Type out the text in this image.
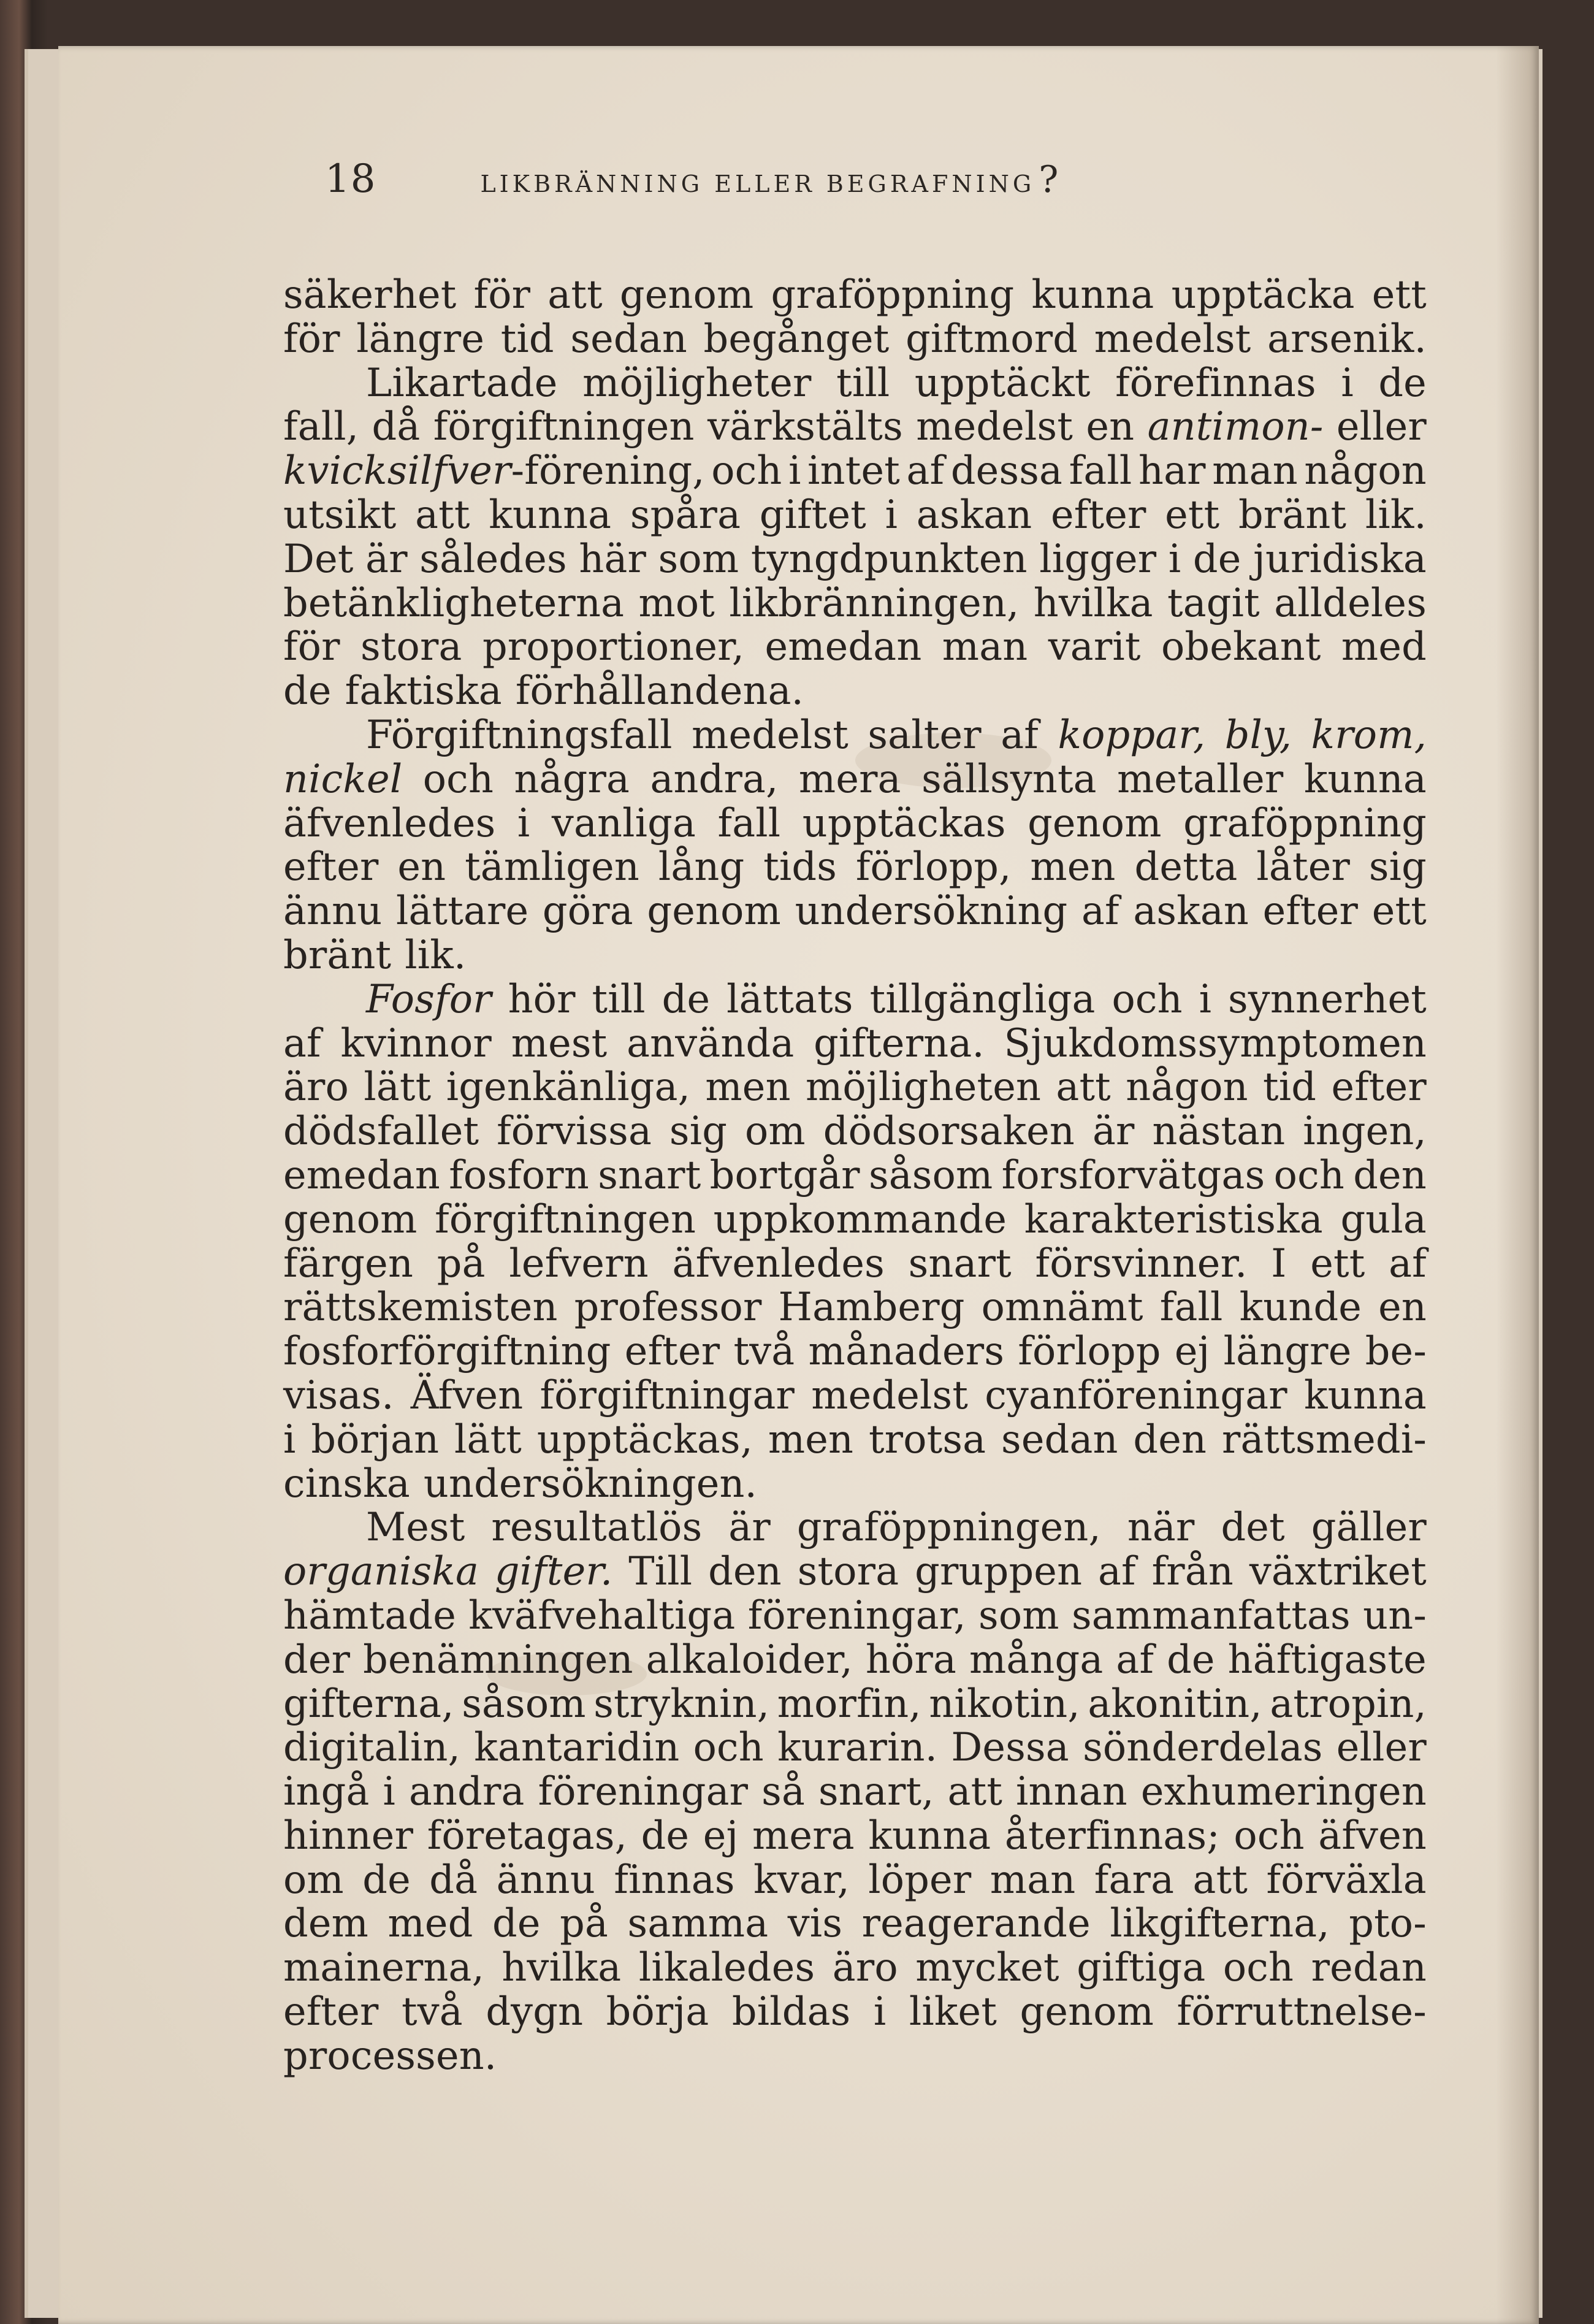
18	LIKBRÄNNING ELLER BEGRAFNING ?
säkerhet för att genom graföppning kunna upptäcka ett
för längre tid sedan begånget giftmord medelst arsenik.
Likartade möjligheter till upptäckt förefinnas i de
fall, då förgiftningen värkstälts medelst en antimon- eller
kvicksilfver-förening, och i intet af dessa fall har man någon
utsikt att kunna spåra giftet i askan efter ett bränt lik.
Det är således här som tyngdpunkten ligger i de juridiska
betänkligheterna mot likbränningen, hvilka tagit alldeles
för stora proportioner, emedan man varit obekant med
de faktiska förhållandena.
Förgiftningsfall medelst salter af koppar, bly, krom,
nickel och några andra, mera sällsynta metaller kunna
äfvenledes i vanliga fall upptäckas genom graföppning
efter en tämligen lång tids förlopp, men detta låter sig
ännu lättare göra genom undersökning af askan efter ett
bränt lik.
Fosfor hör till de lättats tillgängliga och i synnerhet
af kvinnor mest använda gifterna. Sjukdomssymptomen
äro lätt igenkänliga, men möjligheten att någon tid efter
dödsfallet förvissa sig om dödsorsaken är nästan ingen,
emedan fosforn snart bortgår såsom forsforvätgas och den
genom förgiftningen uppkommande karakteristiska gula
färgen på lefvern äfvenledes snart försvinner. I ett af
rättskemisten professor Hamberg omnämt fall kunde en
fosforförgiftning efter två månaders förlopp ej längre be-
visas. Äfven förgiftningar medelst cyanföreningar kunna
i början lätt upptäckas, men trotsa sedan den rättsmedi-
cinska undersökningen.
Mest resultatlös är graföppningen, när det gäller
organiska gifter. Till den stora gruppen af från växtriket
hämtade kväfvehaltiga föreningar, som sammanfattas un-
der benämningen alkaloider, höra många af de häftigaste
gifterna, såsom stryknin, morfin, nikotin, akonitin, atropin,
digitalin, kantaridin och kurarin. Dessa sönderdelas eller
ingå i andra föreningar så snart, att innan exhumeringen
hinner företagas, de ej mera kunna återfinnas; och äfven
om de då ännu finnas kvar, löper man fara att förväxla
dem med de på samma vis reagerande likgifterna, pto-
mainerna, hvilka likaledes äro mycket giftiga och redan
efter två dygn börja bildas i liket genom förruttnelse-
processen.
